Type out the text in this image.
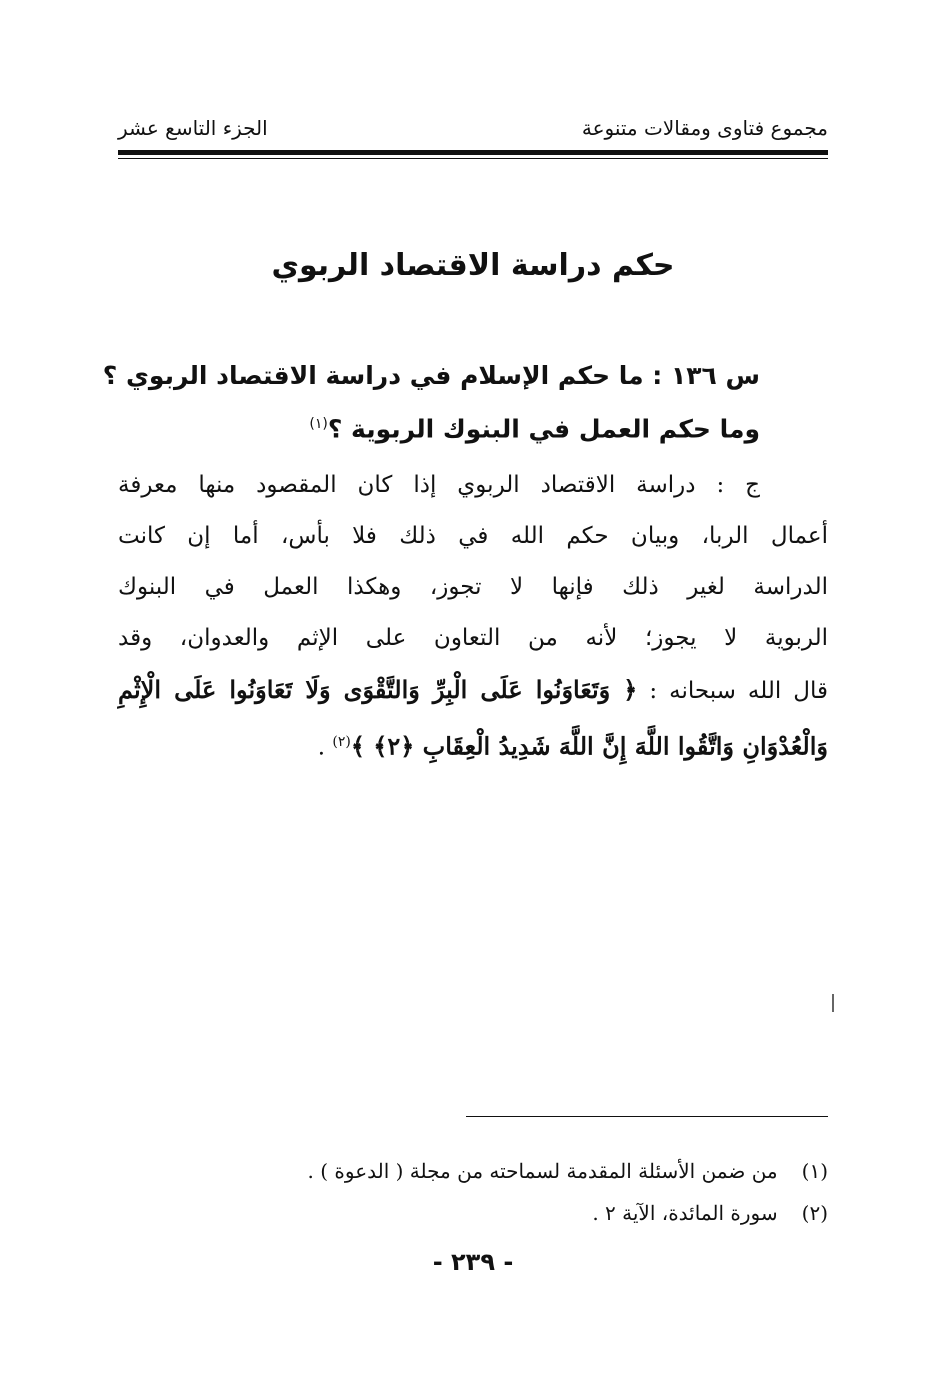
مجموع فتاوى ومقالات متنوعة
الجزء التاسع عشر
حكم دراسة الاقتصاد الربوي
س ١٣٦ : ما حكم الإسلام في دراسة الاقتصاد الربوي ؟
وما حكم العمل في البنوك الربوية ؟$^{(١)}$
ج : دراسة الاقتصاد الربوي إذا كان المقصود منها معرفة
أعمال الربا، وبيان حكم الله في ذلك فلا بأس، أما إن كانت
الدراسة لغير ذلك فإنها لا تجوز، وهكذا العمل في البنوك
الربوية لا يجوز؛ لأنه من التعاون على الإثم والعدوان، وقد
قال الله سبحانه : ﴿ وَتَعَاوَنُوا عَلَى الْبِرِّ وَالتَّقْوَى وَلَا تَعَاوَنُوا عَلَى الْإِثْمِ
وَالْعُدْوَانِ وَاتَّقُوا اللَّهَ إِنَّ اللَّهَ شَدِيدُ الْعِقَابِ ﴿٢﴾ ﴾$^{(٢)}$ .
(١) من ضمن الأسئلة المقدمة لسماحته من مجلة ( الدعوة ) .
(٢) سورة المائدة، الآية ٢ .
- ٢٣٩ -
